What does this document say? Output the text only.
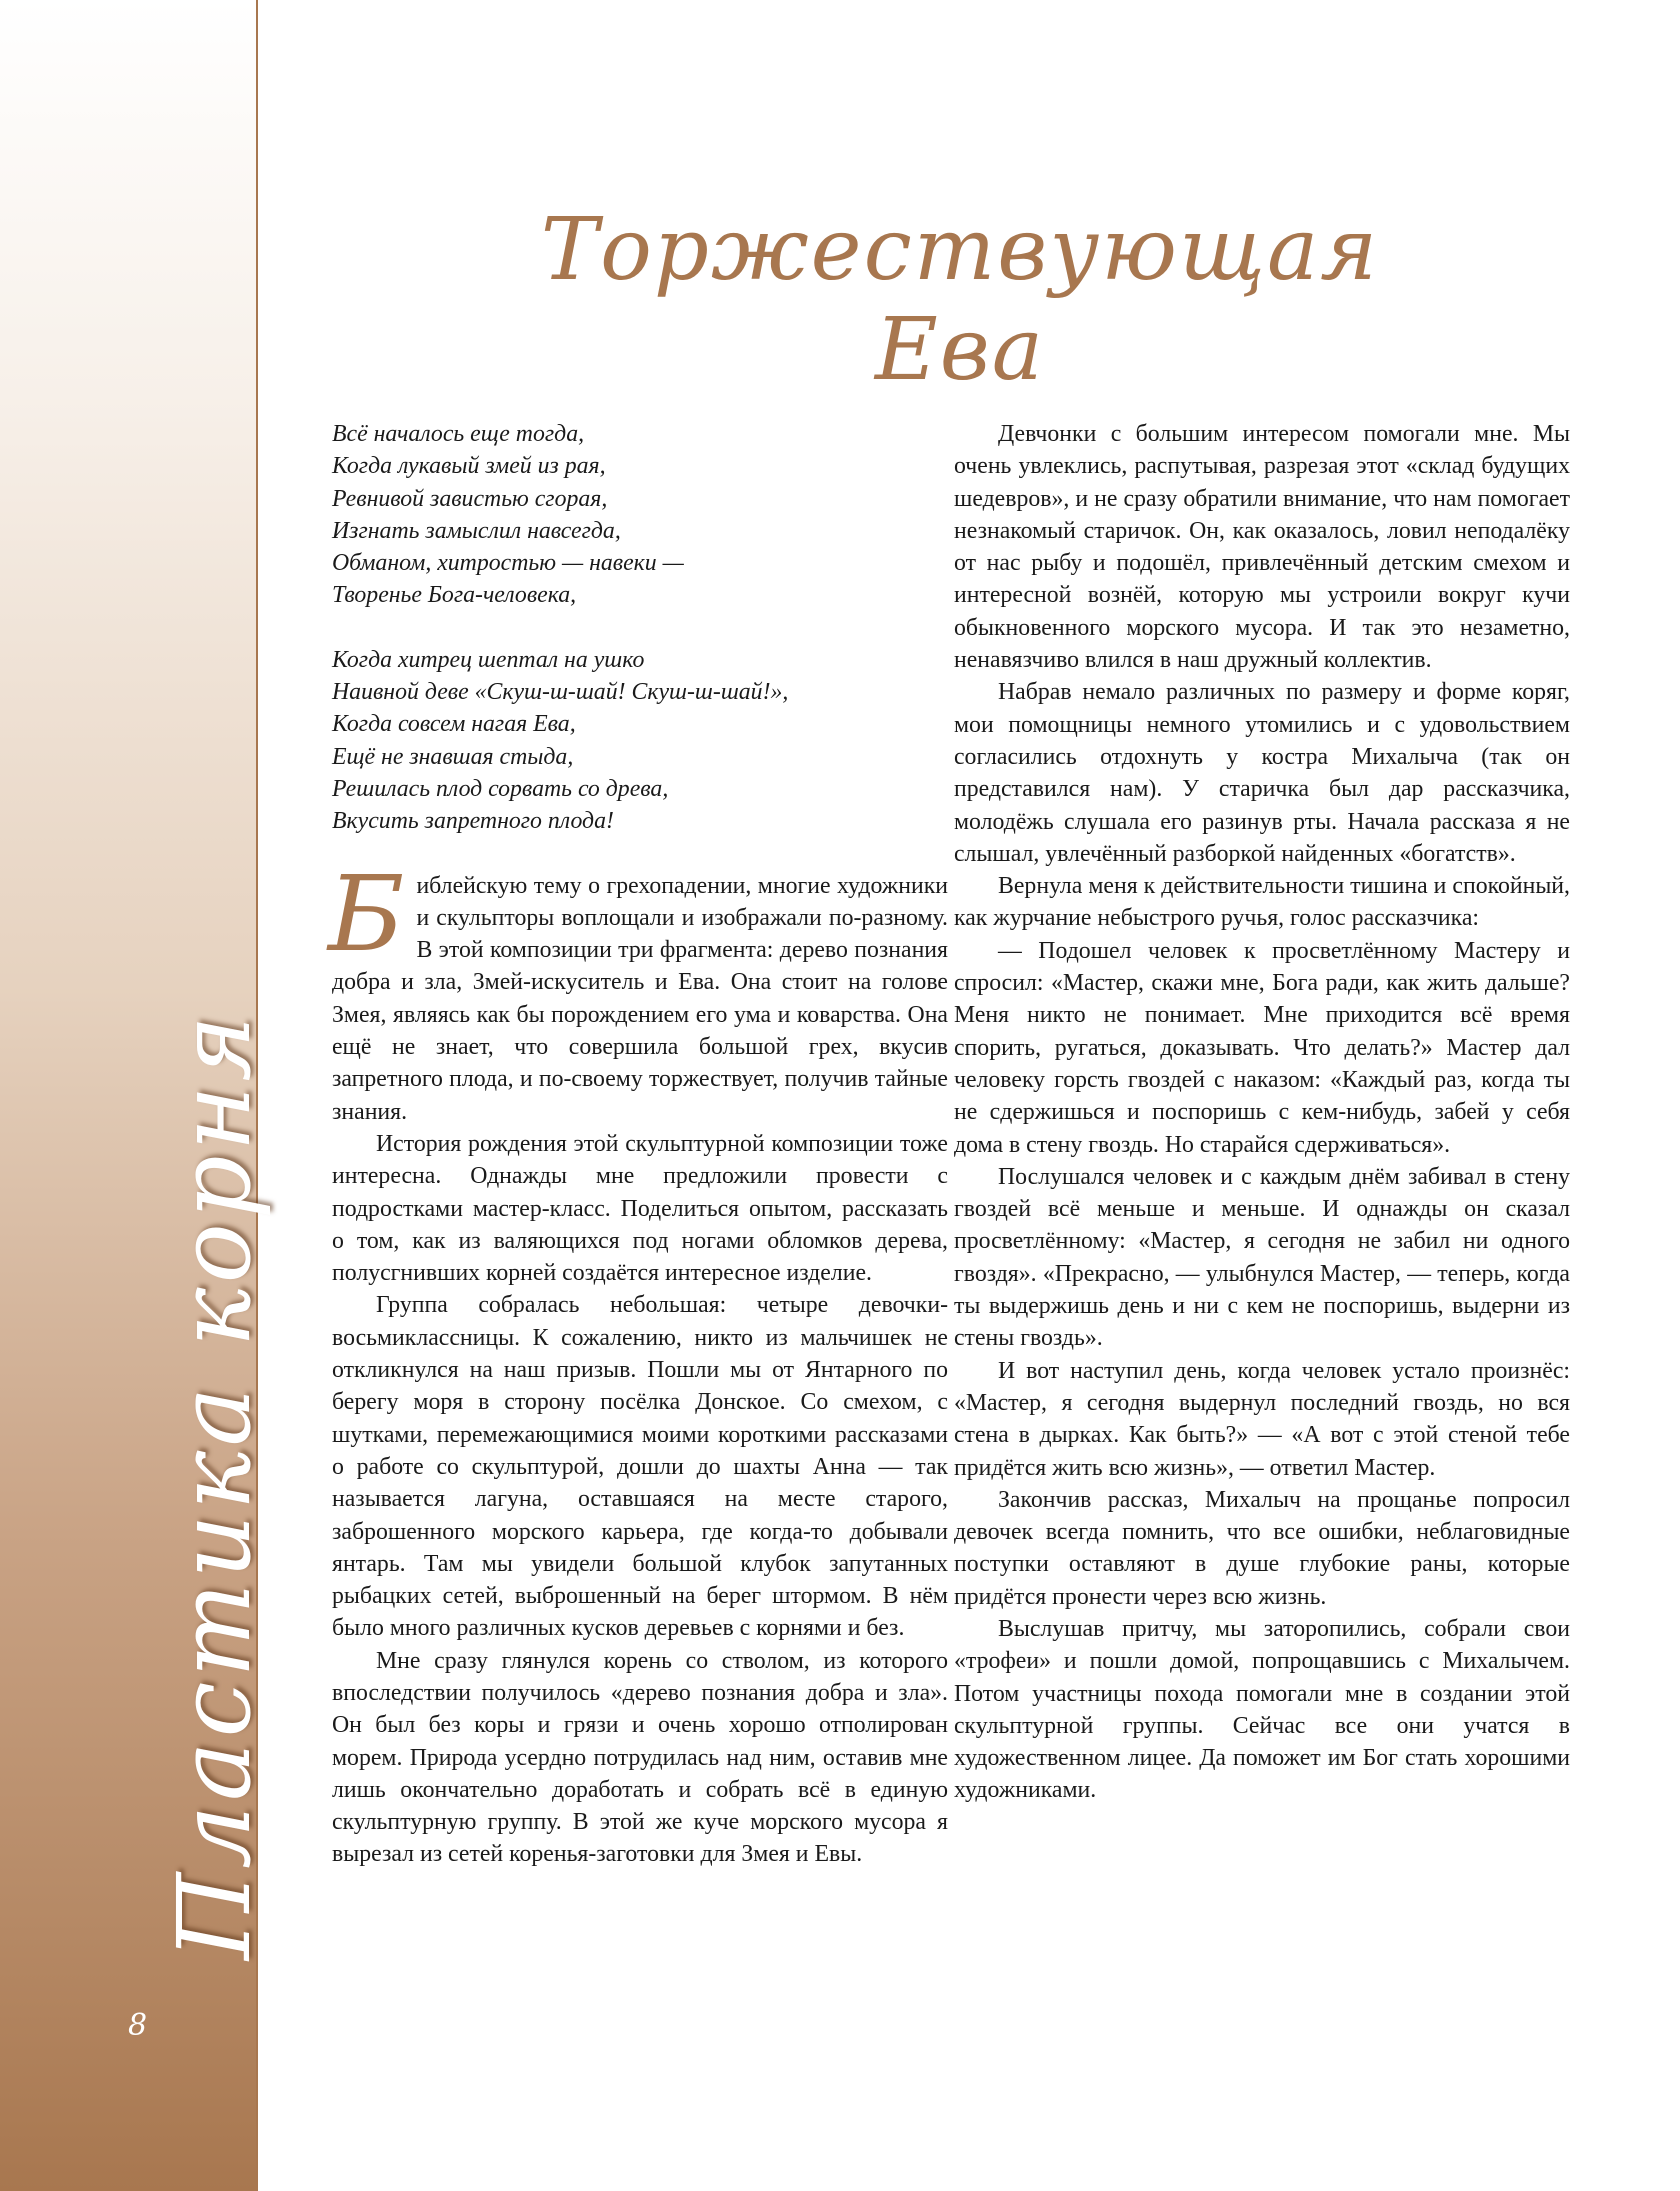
Пластика корня
8
Торжествующая Ева
Всё началось еще тогда,
Когда лукавый змей из рая,
Ревнивой завистью сгорая,
Изгнать замыслил навсегда,
Обманом, хитростью — навеки —
Творенье Бога-человека,
Когда хитрец шептал на ушко
Наивной деве «Скуш-ш-шай! Скуш-ш-шай!»,
Когда совсем нагая Ева,
Ещё не знавшая стыда,
Решилась плод сорвать со древа,
Вкусить запретного плода!

Библейскую тему о грехопадении, многие художники и скульпторы воплощали и изображали по-разному. В этой композиции три фрагмента: дерево познания добра и зла, Змей-искуситель и Ева. Она стоит на голове Змея, являясь как бы порождением его ума и коварства. Она ещё не знает, что совершила большой грех, вкусив запретного плода, и по-своему торжествует, получив тайные знания.

История рождения этой скульптурной композиции тоже интересна. Однажды мне предложили провести с подростками мастер-класс. Поделиться опытом, рассказать о том, как из валяющихся под ногами обломков дерева, полусгнивших корней создаётся интересное изделие.

Группа собралась небольшая: четыре девочки-восьмиклассницы. К сожалению, никто из мальчишек не откликнулся на наш призыв. Пошли мы от Янтарного по берегу моря в сторону посёлка Донское. Со смехом, с шутками, перемежающимися моими короткими рассказами о работе со скульптурой, дошли до шахты Анна — так называется лагуна, оставшаяся на месте старого, заброшенного морского карьера, где когда-то добывали янтарь. Там мы увидели большой клубок запутанных рыбацких сетей, выброшенный на берег штормом. В нём было много различных кусков деревьев с корнями и без.

Мне сразу глянулся корень со стволом, из которого впоследствии получилось «дерево познания добра и зла». Он был без коры и грязи и очень хорошо отполирован морем. Природа усердно потрудилась над ним, оставив мне лишь окончательно доработать и собрать всё в единую скульптурную группу. В этой же куче морского мусора я вырезал из сетей коренья-заготовки для Змея и Евы.

Девчонки с большим интересом помогали мне. Мы очень увлеклись, распутывая, разрезая этот «склад будущих шедевров», и не сразу обратили внимание, что нам помогает незнакомый старичок. Он, как оказалось, ловил неподалёку от нас рыбу и подошёл, привлечённый детским смехом и интересной вознёй, которую мы устроили вокруг кучи обыкновенного морского мусора. И так это незаметно, ненавязчиво влился в наш дружный коллектив.

Набрав немало различных по размеру и форме коряг, мои помощницы немного утомились и с удовольствием согласились отдохнуть у костра Михалыча (так он представился нам). У старичка был дар рассказчика, молодёжь слушала его разинув рты. Начала рассказа я не слышал, увлечённый разборкой найденных «богатств».

Вернула меня к действительности тишина и спокойный, как журчание небыстрого ручья, голос рассказчика:

— Подошел человек к просветлённому Мастеру и спросил: «Мастер, скажи мне, Бога ради, как жить дальше? Меня никто не понимает. Мне приходится всё время спорить, ругаться, доказывать. Что делать?» Мастер дал человеку горсть гвоздей с наказом: «Каждый раз, когда ты не сдержишься и поспоришь с кем-нибудь, забей у себя дома в стену гвоздь. Но старайся сдерживаться».

Послушался человек и с каждым днём забивал в стену гвоздей всё меньше и меньше. И однажды он сказал просветлённому: «Мастер, я сегодня не забил ни одного гвоздя». «Прекрасно, — улыбнулся Мастер, — теперь, когда ты выдержишь день и ни с кем не поспоришь, выдерни из стены гвоздь».

И вот наступил день, когда человек устало произнёс: «Мастер, я сегодня выдернул последний гвоздь, но вся стена в дырках. Как быть?» — «А вот с этой стеной тебе придётся жить всю жизнь», — ответил Мастер.

Закончив рассказ, Михалыч на прощанье попросил девочек всегда помнить, что все ошибки, неблаговидные поступки оставляют в душе глубокие раны, которые придётся пронести через всю жизнь.

Выслушав притчу, мы заторопились, собрали свои «трофеи» и пошли домой, попрощавшись с Михалычем. Потом участницы похода помогали мне в создании этой скульптурной группы. Сейчас все они учатся в художественном лицее. Да поможет им Бог стать хорошими художниками.
